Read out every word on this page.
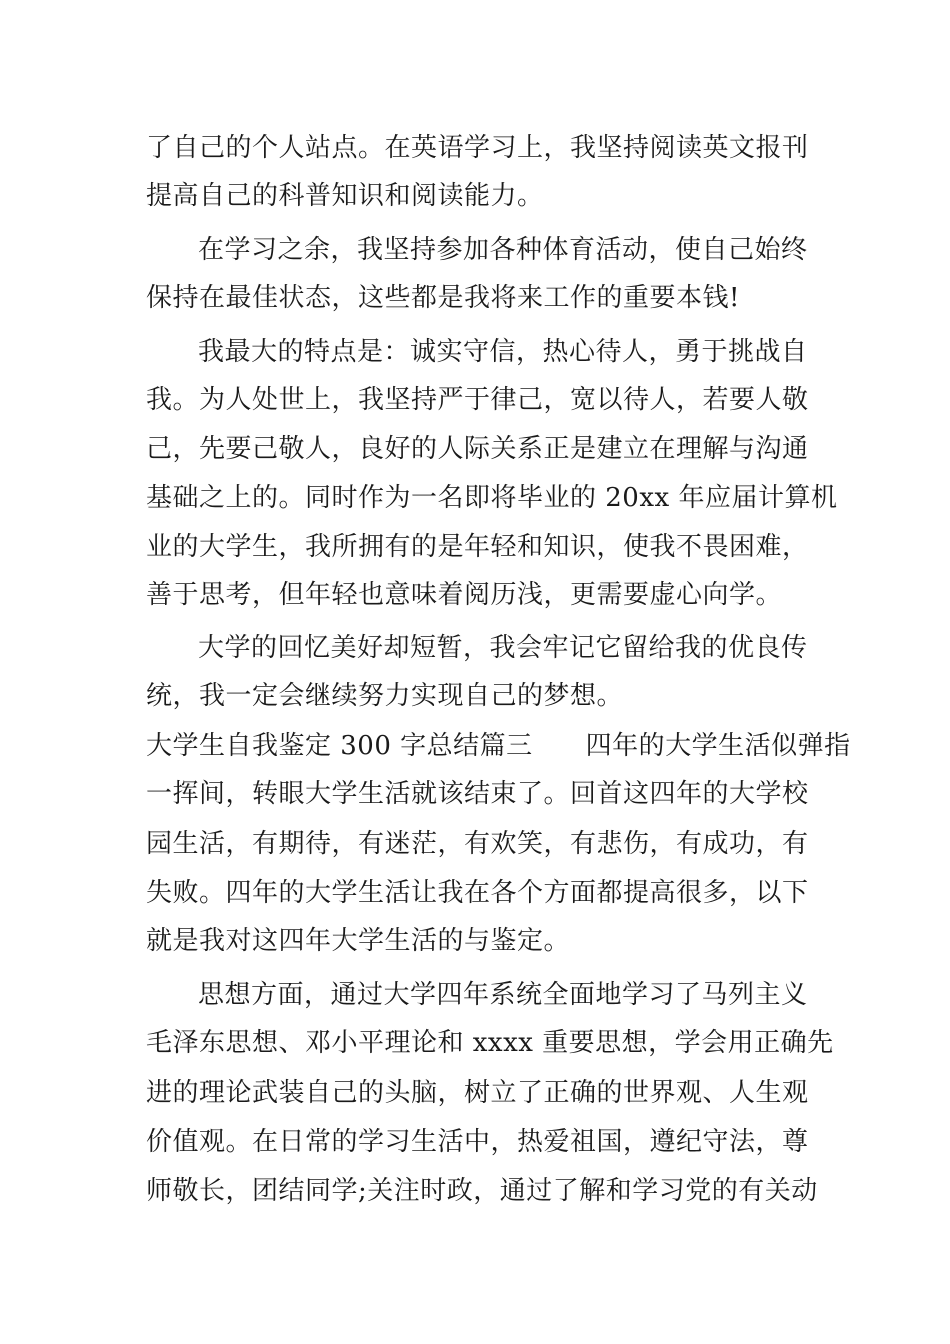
了自己的个人站点。在英语学习上，我坚持阅读英文报刊
提高自己的科普知识和阅读能力。
在学习之余，我坚持参加各种体育活动，使自己始终
保持在最佳状态，这些都是我将来工作的重要本钱!
我最大的特点是：诚实守信，热心待人，勇于挑战自
我。为人处世上，我坚持严于律己，宽以待人，若要人敬
己，先要己敬人，良好的人际关系正是建立在理解与沟通
基础之上的。同时作为一名即将毕业的 20xx 年应届计算机
业的大学生，我所拥有的是年轻和知识，使我不畏困难，
善于思考，但年轻也意味着阅历浅，更需要虚心向学。
大学的回忆美好却短暂，我会牢记它留给我的优良传
统，我一定会继续努力实现自己的梦想。
大学生自我鉴定 300 字总结篇三　　四年的大学生活似弹指
一挥间，转眼大学生活就该结束了。回首这四年的大学校
园生活，有期待，有迷茫，有欢笑，有悲伤，有成功，有
失败。四年的大学生活让我在各个方面都提高很多，以下
就是我对这四年大学生活的与鉴定。
思想方面，通过大学四年系统全面地学习了马列主义
毛泽东思想、邓小平理论和 xxxx 重要思想，学会用正确先
进的理论武装自己的头脑，树立了正确的世界观、人生观
价值观。在日常的学习生活中，热爱祖国，遵纪守法，尊
师敬长，团结同学;关注时政，通过了解和学习党的有关动
